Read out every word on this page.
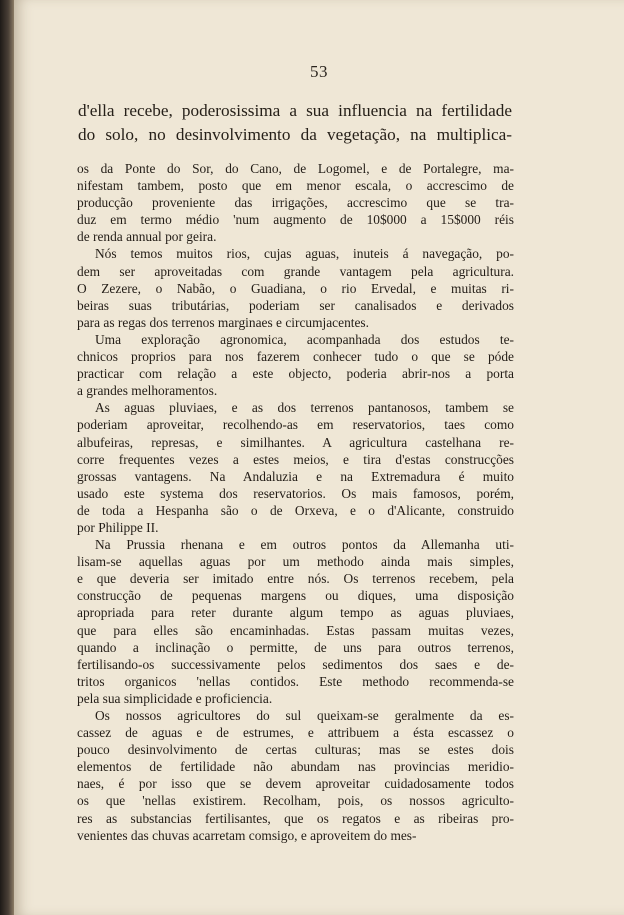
53
d'ella recebe, poderosissima a sua influencia na fertilidade
do solo, no desinvolvimento da vegetação, na multiplica-
os da Ponte do Sor, do Cano, de Logomel, e de Portalegre, ma-
nifestam tambem, posto que em menor escala, o accrescimo de
producção proveniente das irrigações, accrescimo que se tra-
duz em termo médio 'num augmento de 10$000 a 15$000 réis
de renda annual por geira.
Nós temos muitos rios, cujas aguas, inuteis á navegação, po-
dem ser aproveitadas com grande vantagem pela agricultura.
O Zezere, o Nabão, o Guadiana, o rio Ervedal, e muitas ri-
beiras suas tributárias, poderiam ser canalisados e derivados
para as regas dos terrenos marginaes e circumjacentes.
Uma exploração agronomica, acompanhada dos estudos te-
chnicos proprios para nos fazerem conhecer tudo o que se póde
practicar com relação a este objecto, poderia abrir-nos a porta
a grandes melhoramentos.
As aguas pluviaes, e as dos terrenos pantanosos, tambem se
poderiam aproveitar, recolhendo-as em reservatorios, taes como
albufeiras, represas, e similhantes. A agricultura castelhana re-
corre frequentes vezes a estes meios, e tira d'estas construcções
grossas vantagens. Na Andaluzia e na Extremadura é muito
usado este systema dos reservatorios. Os mais famosos, porém,
de toda a Hespanha são o de Orxeva, e o d'Alicante, construido
por Philippe II.
Na Prussia rhenana e em outros pontos da Allemanha uti-
lisam-se aquellas aguas por um methodo ainda mais simples,
e que deveria ser imitado entre nós. Os terrenos recebem, pela
construcção de pequenas margens ou diques, uma disposição
apropriada para reter durante algum tempo as aguas pluviaes,
que para elles são encaminhadas. Estas passam muitas vezes,
quando a inclinação o permitte, de uns para outros terrenos,
fertilisando-os successivamente pelos sedimentos dos saes e de-
tritos organicos 'nellas contidos. Este methodo recommenda-se
pela sua simplicidade e proficiencia.
Os nossos agricultores do sul queixam-se geralmente da es-
cassez de aguas e de estrumes, e attribuem a ésta escassez o
pouco desinvolvimento de certas culturas; mas se estes dois
elementos de fertilidade não abundam nas provincias meridio-
naes, é por isso que se devem aproveitar cuidadosamente todos
os que 'nellas existirem. Recolham, pois, os nossos agriculto-
res as substancias fertilisantes, que os regatos e as ribeiras pro-
venientes das chuvas acarretam comsigo, e aproveitem do mes-
